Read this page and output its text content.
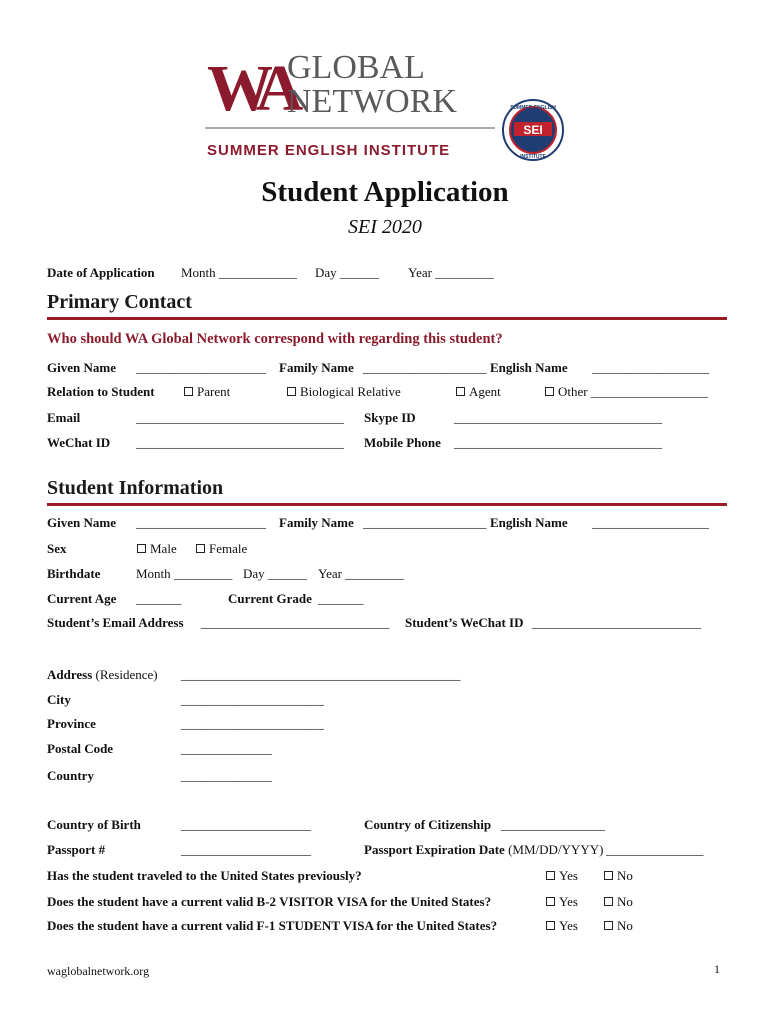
WA
GLOBAL
NETWORK
SUMMER ENGLISH INSTITUTE
SEI
SUMMER ENGLISH
INSTITUTE
Student Application
SEI 2020
Date of Application Month ____________ Day ______ Year _________
Primary Contact
Who should WA Global Network correspond with regarding this student?
Given Name ____________________ Family Name ___________________ English Name __________________
Relation to Student	Parent	Biological Relative	Agent	Other __________________
Email	________________________________ Skype ID	________________________________
WeChat ID ________________________________ Mobile Phone ________________________________
Student Information
Given Name ____________________ Family Name ___________________ English Name __________________
Sex	Male	Female
Birthdate	Month _________ Day ______ Year _________
Current Age _______	Current Grade _______
Student’s Email Address _____________________________ Student’s WeChat ID __________________________
Address (Residence) ___________________________________________
City	______________________
Province	______________________
Postal Code	______________
Country	______________
Country of Birth	____________________	Country of Citizenship ________________
Passport #	____________________	Passport Expiration Date (MM/DD/YYYY) _______________
Has the student traveled to the United States previously?	Yes	No
Does the student have a current valid B-2 VISITOR VISA for the United States?	Yes	No
Does the student have a current valid F-1 STUDENT VISA for the United States?	Yes	No
waglobalnetwork.org	1
